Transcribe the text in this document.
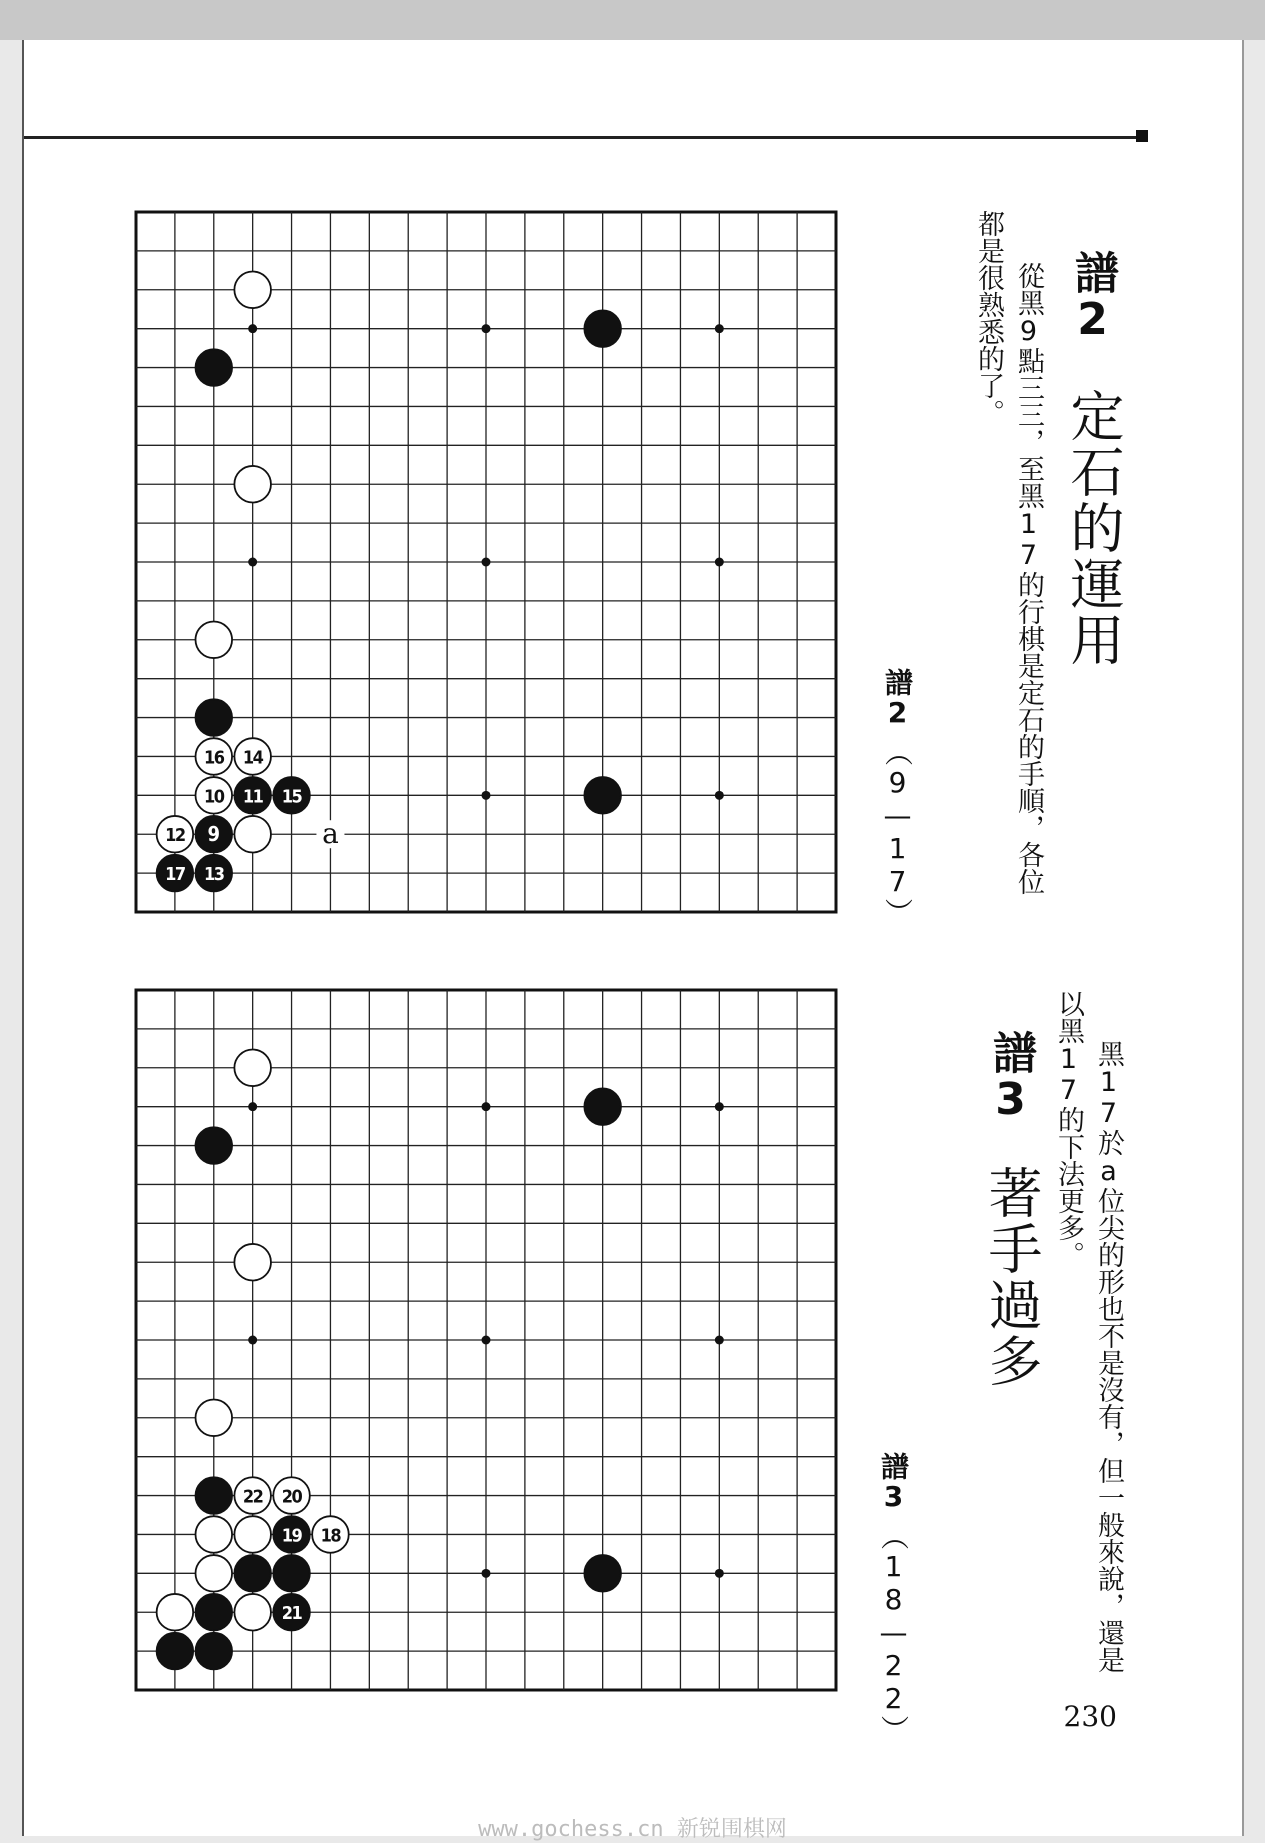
16 14
10 11 15
12 9
17 13
a
22 20
19 18
21
譜2
定石的運用
從黑9點三三，至黑17的行棋是定石的手順，各位
都是很熟悉的了。
譜2
（9—17）
譜3
著手過多 黑17於a位尖的形也不是沒有，但一般來說，還是
以黑17的下法更多。
譜3
（18—22）	230
www.gochess.cn 新锐围棋网
